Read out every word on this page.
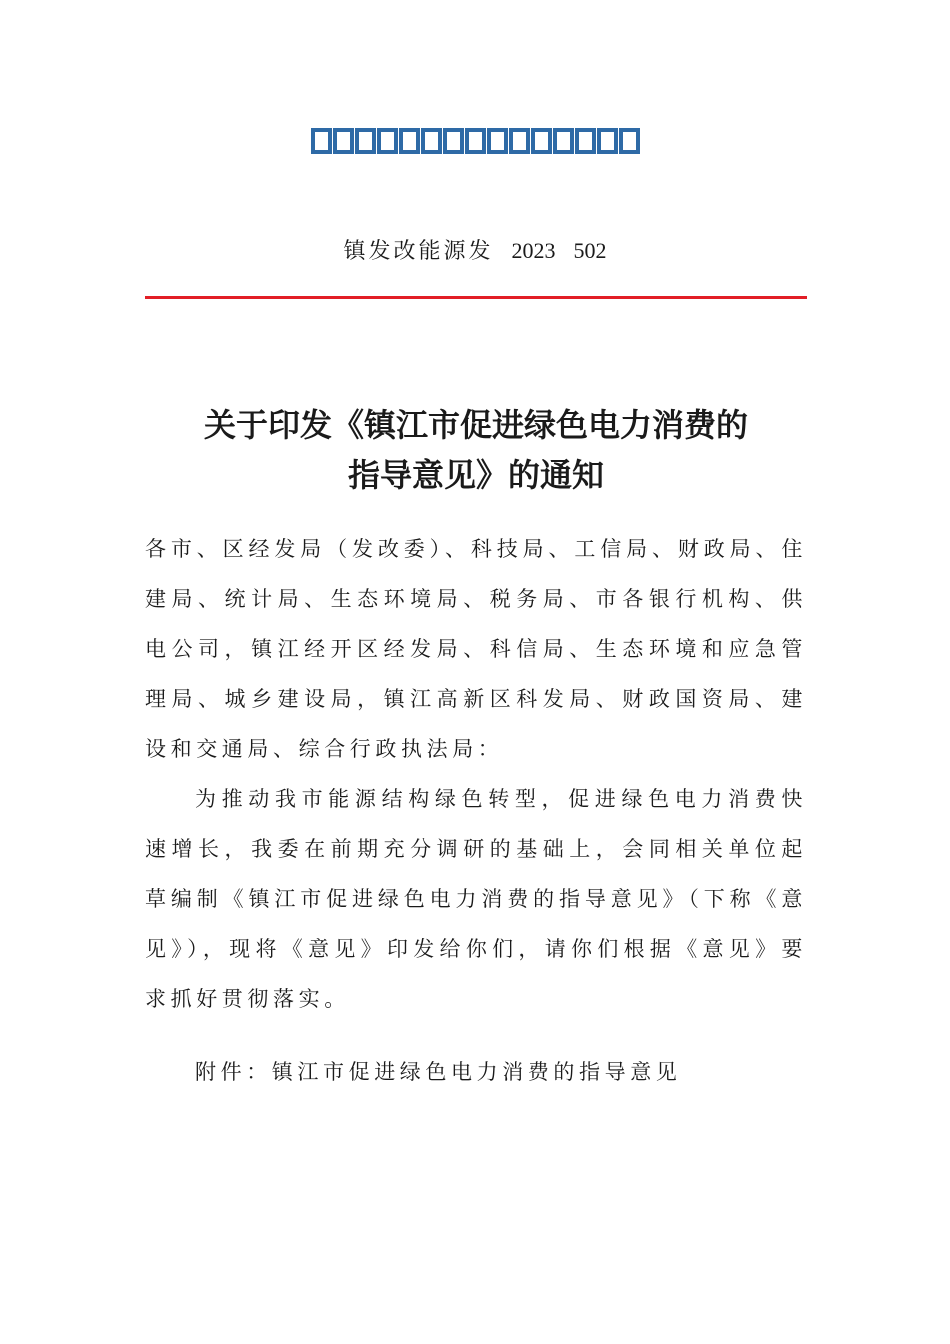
镇发改能源发 2023 502
关于印发《镇江市促进绿色电力消费的
指导意见》的通知
各市、区经发局（发改委）、科技局、工信局、财政局、住建局、统计局、生态环境局、税务局、市各银行机构、供电公司，镇江经开区经发局、科信局、生态环境和应急管理局、城乡建设局，镇江高新区科发局、财政国资局、建设和交通局、综合行政执法局：
为推动我市能源结构绿色转型，促进绿色电力消费快速增长，我委在前期充分调研的基础上，会同相关单位起草编制《镇江市促进绿色电力消费的指导意见》（下称《意见》），现将《意见》印发给你们，请你们根据《意见》要求抓好贯彻落实。
附件：镇江市促进绿色电力消费的指导意见
